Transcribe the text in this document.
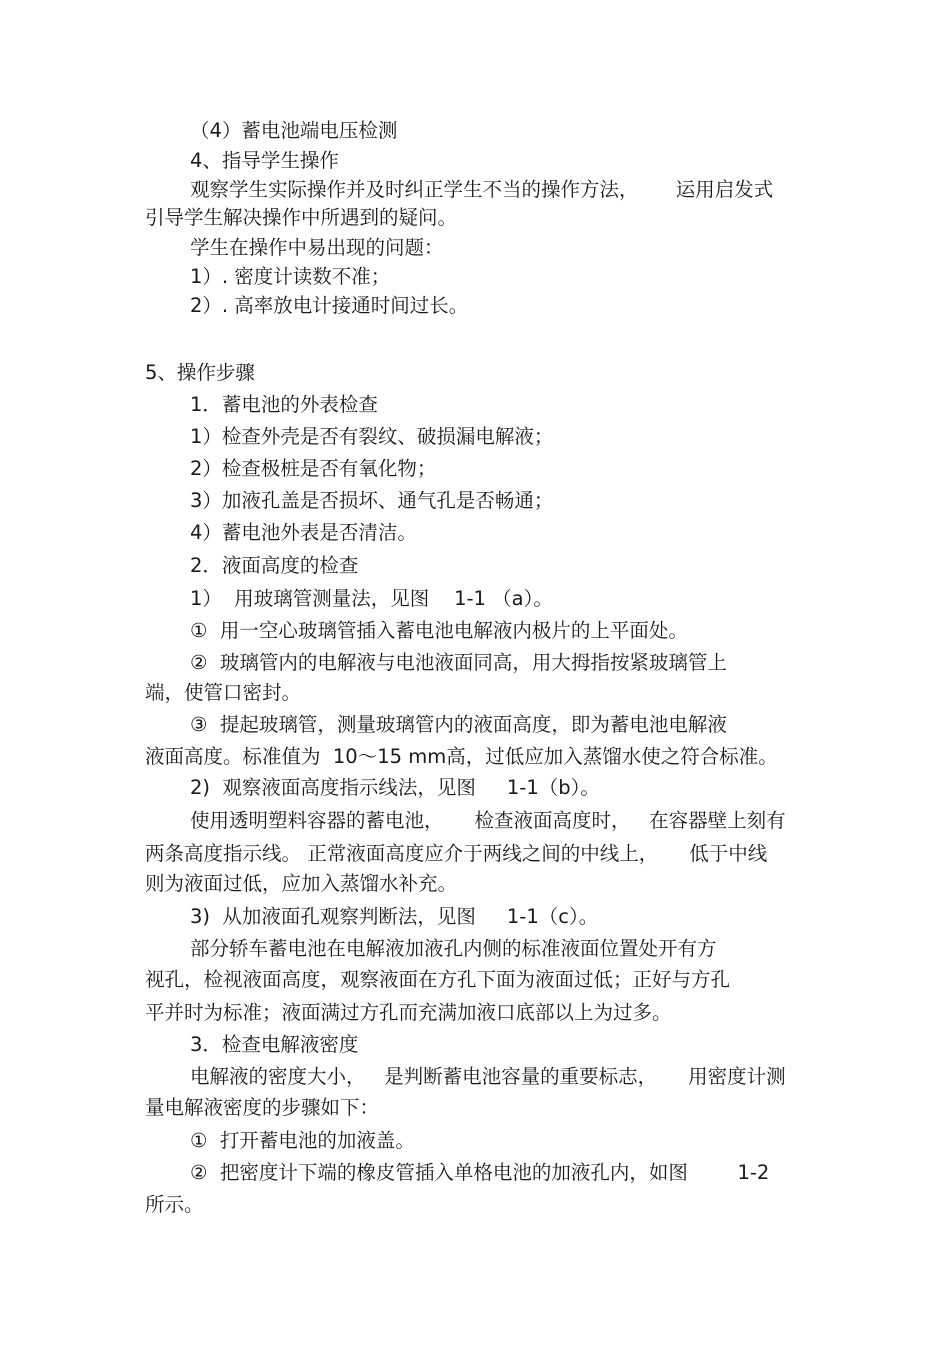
（4）蓄电池端电压检测
4、指导学生操作
观察学生实际操作并及时纠正学生不当的操作方法，      运用启发式
引导学生解决操作中所遇到的疑问。
学生在操作中易出现的问题：
1）. 密度计读数不准；
2）. 高率放电计接通时间过长。
5、操作步骤
1．蓄电池的外表检查
1）检查外壳是否有裂纹、破损漏电解液；
2）检查极桩是否有氧化物；
3）加液孔盖是否损坏、通气孔是否畅通；
4）蓄电池外表是否清洁。
2．液面高度的检查
1）  用玻璃管测量法，见图    1-1 （a）。
①  用一空心玻璃管插入蓄电池电解液内极片的上平面处。
②  玻璃管内的电解液与电池液面同高，用大拇指按紧玻璃管上
端，使管口密封。
③  提起玻璃管，测量玻璃管内的液面高度，即为蓄电池电解液
液面高度。标准值为  10～15 mm高，过低应加入蒸馏水使之符合标准。
2)  观察液面高度指示线法，见图     1-1（b）。
使用透明塑料容器的蓄电池，     检查液面高度时，   在容器壁上刻有
两条高度指示线。 正常液面高度应介于两线之间的中线上，     低于中线
则为液面过低，应加入蒸馏水补充。
3)  从加液面孔观察判断法，见图     1-1（c）。
部分轿车蓄电池在电解液加液孔内侧的标准液面位置处开有方
视孔，检视液面高度，观察液面在方孔下面为液面过低；正好与方孔
平并时为标准；液面满过方孔而充满加液口底部以上为过多。
3．检查电解液密度
电解液的密度大小，   是判断蓄电池容量的重要标志，     用密度计测
量电解液密度的步骤如下：
①  打开蓄电池的加液盖。
②  把密度计下端的橡皮管插入单格电池的加液孔内，如图        1-2
所示。
